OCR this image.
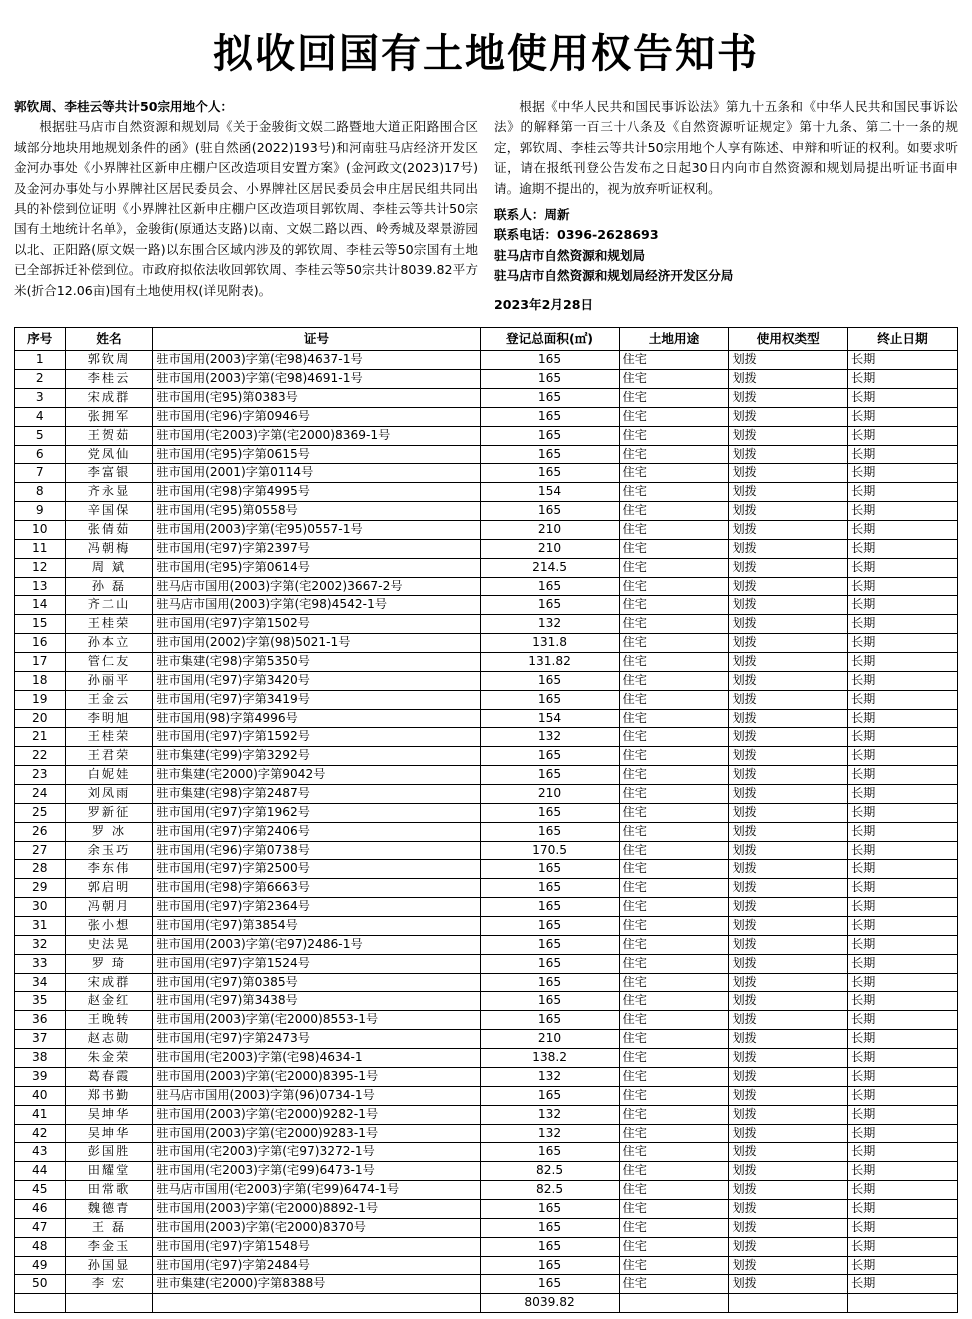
拟收回国有土地使用权告知书

郭钦周、李桂云等共计50宗用地个人：

根据驻马店市自然资源和规划局《关于金骏街文娱二路暨地大道正阳路围合区域部分地块用地规划条件的函》(驻自然函(2022)193号)和河南驻马店经济开发区金河办事处《小界牌社区新申庄棚户区改造项目安置方案》(金河政文(2023)17号)及金河办事处与小界牌社区居民委员会、小界牌社区居民委员会申庄居民组共同出具的补偿到位证明《小界牌社区新申庄棚户区改造项目郭钦周、李桂云等共计50宗国有土地统计名单》，金骏街(原通达支路)以南、文娱二路以西、岭秀城及翠景游园以北、正阳路(原文娱一路)以东围合区域内涉及的郭钦周、李桂云等50宗国有土地已全部拆迁补偿到位。市政府拟依法收回郭钦周、李桂云等50宗共计8039.82平方米(折合12.06亩)国有土地使用权(详见附表)。

根据《中华人民共和国民事诉讼法》第九十五条和《中华人民共和国民事诉讼法》的解释第一百三十八条及《自然资源听证规定》第十九条、第二十一条的规定，郭钦周、李桂云等共计50宗用地个人享有陈述、申辩和听证的权利。如要求听证，请在报纸刊登公告发布之日起30日内向市自然资源和规划局提出听证书面申请。逾期不提出的，视为放弃听证权利。

联系人：周新
联系电话：0396-2628693
驻马店市自然资源和规划局
驻马店市自然资源和规划局经济开发区分局
2023年2月28日
序号	姓名	证号	登记总面积(㎡)	土地用途	使用权类型	终止日期
1	郭钦周	驻市国用(2003)字第(宅98)4637-1号	165	住宅	划拨	长期
2	李桂云	驻市国用(2003)字第(宅98)4691-1号	165	住宅	划拨	长期
3	宋成群	驻市国用(宅95)第0383号	165	住宅	划拨	长期
4	张拥军	驻市国用(宅96)字第0946号	165	住宅	划拨	长期
5	王贺茹	驻市国用(宅2003)字第(宅2000)8369-1号	165	住宅	划拨	长期
6	党凤仙	驻市国用(宅95)字第0615号	165	住宅	划拨	长期
7	李富银	驻市国用(2001)字第0114号	165	住宅	划拨	长期
8	齐永显	驻市国用(宅98)字第4995号	154	住宅	划拨	长期
9	辛国保	驻市国用(宅95)第0558号	165	住宅	划拨	长期
10	张倩茹	驻市国用(2003)字第(宅95)0557-1号	210	住宅	划拨	长期
11	冯朝梅	驻市国用(宅97)字第2397号	210	住宅	划拨	长期
12	周 斌	驻市国用(宅95)字第0614号	214.5	住宅	划拨	长期
13	孙 磊	驻马店市国用(2003)字第(宅2002)3667-2号	165	住宅	划拨	长期
14	齐二山	驻马店市国用(2003)字第(宅98)4542-1号	165	住宅	划拨	长期
15	王桂荣	驻市国用(宅97)字第1502号	132	住宅	划拨	长期
16	孙本立	驻市国用(2002)字第(98)5021-1号	131.8	住宅	划拨	长期
17	管仁友	驻市集建(宅98)字第5350号	131.82	住宅	划拨	长期
18	孙丽平	驻市国用(宅97)字第3420号	165	住宅	划拨	长期
19	王金云	驻市国用(宅97)字第3419号	165	住宅	划拨	长期
20	李明旭	驻市国用(98)字第4996号	154	住宅	划拨	长期
21	王桂荣	驻市国用(宅97)字第1592号	132	住宅	划拨	长期
22	王君荣	驻市集建(宅99)字第3292号	165	住宅	划拨	长期
23	白妮娃	驻市集建(宅2000)字第9042号	165	住宅	划拨	长期
24	刘凤雨	驻市集建(宅98)字第2487号	210	住宅	划拨	长期
25	罗新征	驻市国用(宅97)字第1962号	165	住宅	划拨	长期
26	罗 冰	驻市国用(宅97)字第2406号	165	住宅	划拨	长期
27	余玉巧	驻市国用(宅96)字第0738号	170.5	住宅	划拨	长期
28	李东伟	驻市国用(宅97)字第2500号	165	住宅	划拨	长期
29	郭启明	驻市国用(宅98)字第6663号	165	住宅	划拨	长期
30	冯朝月	驻市国用(宅97)字第2364号	165	住宅	划拨	长期
31	张小想	驻市国用(宅97)第3854号	165	住宅	划拨	长期
32	史法晃	驻市国用(2003)字第(宅97)2486-1号	165	住宅	划拨	长期
33	罗 琦	驻市国用(宅97)字第1524号	165	住宅	划拨	长期
34	宋成群	驻市国用(宅97)第0385号	165	住宅	划拨	长期
35	赵金红	驻市国用(宅97)第3438号	165	住宅	划拨	长期
36	王晚转	驻市国用(2003)字第(宅2000)8553-1号	165	住宅	划拨	长期
37	赵志勋	驻市国用(宅97)字第2473号	210	住宅	划拨	长期
38	朱金荣	驻市国用(宅2003)字第(宅98)4634-1	138.2	住宅	划拨	长期
39	葛春霞	驻市国用(2003)字第(宅2000)8395-1号	132	住宅	划拨	长期
40	郑书勤	驻马店市国用(2003)字第(96)0734-1号	165	住宅	划拨	长期
41	吴坤华	驻市国用(2003)字第(宅2000)9282-1号	132	住宅	划拨	长期
42	吴坤华	驻市国用(2003)字第(宅2000)9283-1号	132	住宅	划拨	长期
43	彭国胜	驻市国用(宅2003)字第(宅97)3272-1号	165	住宅	划拨	长期
44	田耀堂	驻市国用(宅2003)字第(宅99)6473-1号	82.5	住宅	划拨	长期
45	田常歌	驻马店市国用(宅2003)字第(宅99)6474-1号	82.5	住宅	划拨	长期
46	魏德青	驻市国用(2003)字第(宅2000)8892-1号	165	住宅	划拨	长期
47	王 磊	驻市国用(2003)字第(宅2000)8370号	165	住宅	划拨	长期
48	李金玉	驻市国用(宅97)字第1548号	165	住宅	划拨	长期
49	孙国显	驻市国用(宅97)字第2484号	165	住宅	划拨	长期
50	李 宏	驻市集建(宅2000)字第8388号	165	住宅	划拨	长期
			8039.82			
